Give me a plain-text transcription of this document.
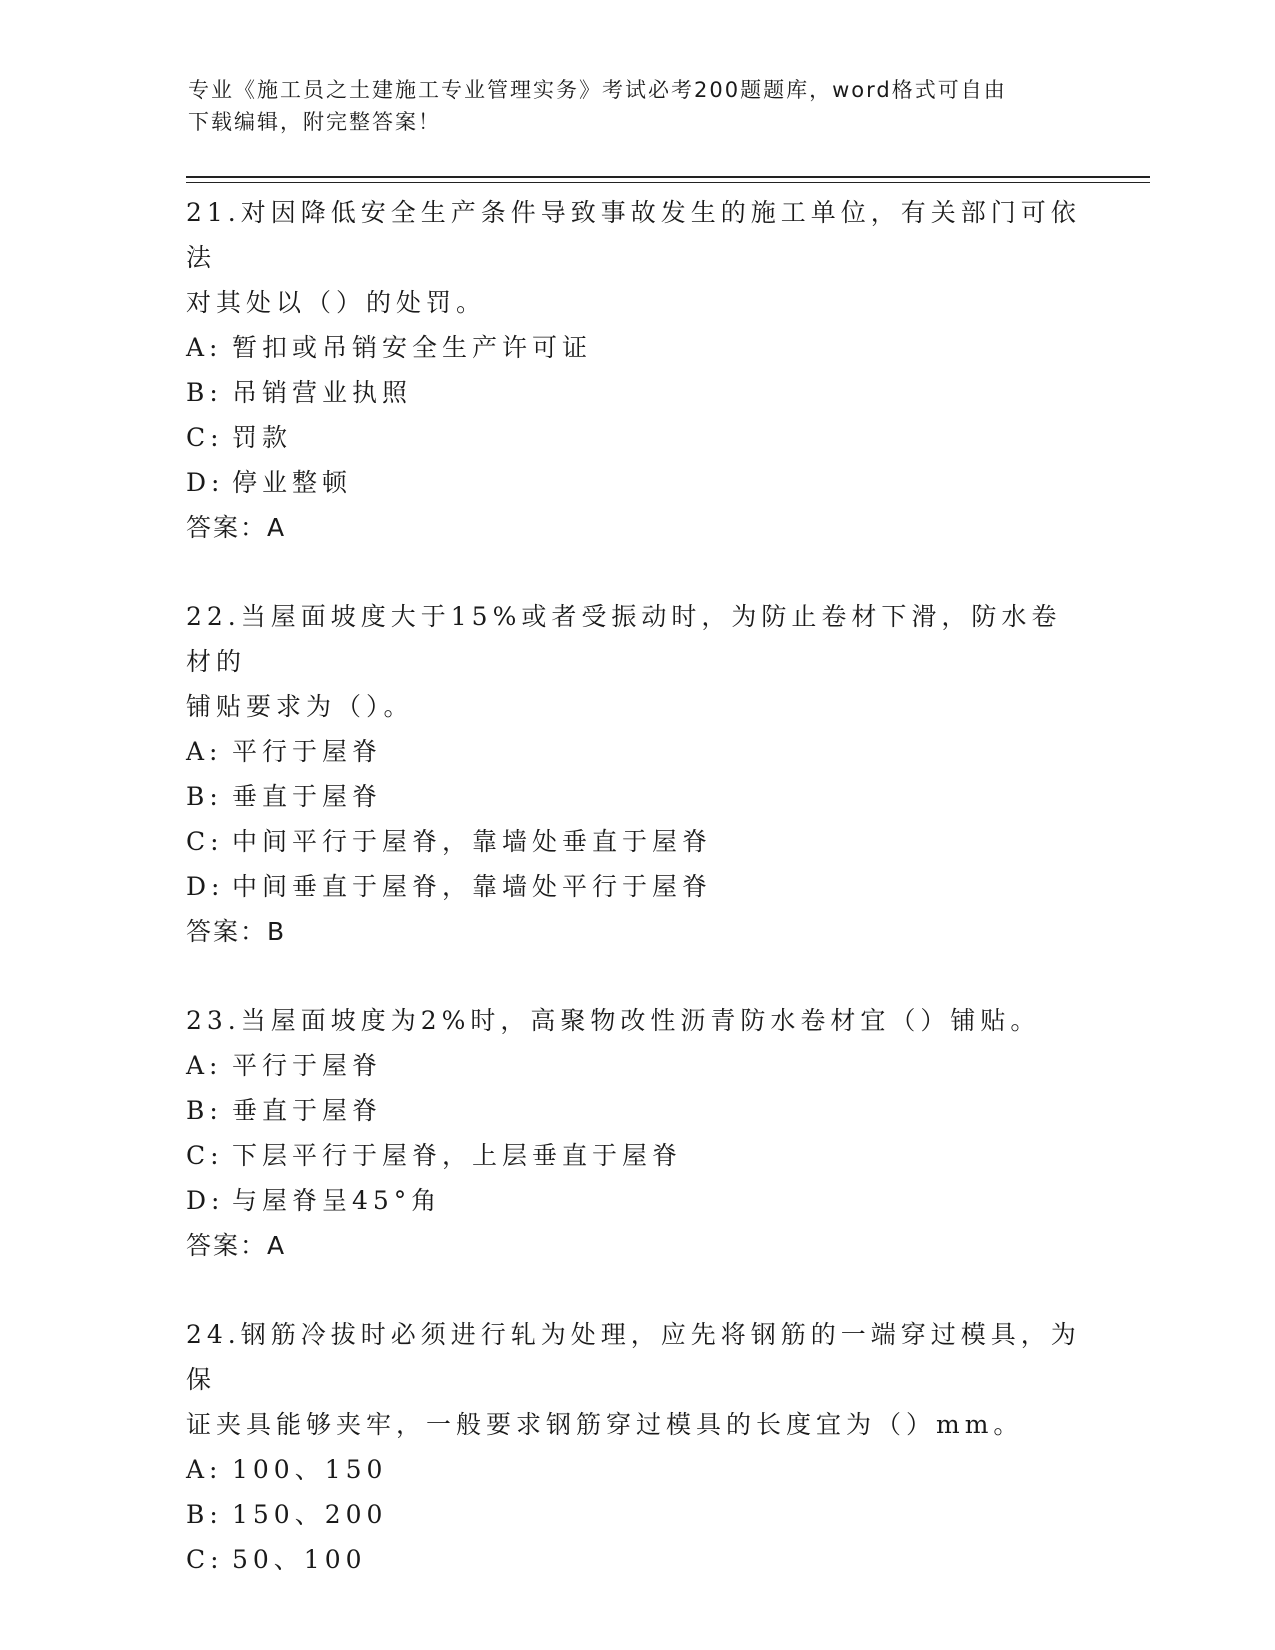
专业《施工员之土建施工专业管理实务》考试必考200题题库，word格式可自由
下载编辑，附完整答案！

21.对因降低安全生产条件导致事故发生的施工单位，有关部门可依法

对其处以（）的处罚。

A: 暂扣或吊销安全生产许可证

B: 吊销营业执照

C: 罚款

D: 停业整顿

答案：A

22.当屋面坡度大于15%或者受振动时，为防止卷材下滑，防水卷材的

铺贴要求为（）。

A: 平行于屋脊

B: 垂直于屋脊

C: 中间平行于屋脊，靠墙处垂直于屋脊

D: 中间垂直于屋脊，靠墙处平行于屋脊

答案：B

23.当屋面坡度为2%时，高聚物改性沥青防水卷材宜（）铺贴。

A: 平行于屋脊

B: 垂直于屋脊

C: 下层平行于屋脊，上层垂直于屋脊

D: 与屋脊呈45°角

答案：A

24.钢筋冷拔时必须进行轧为处理，应先将钢筋的一端穿过模具，为保

证夹具能够夹牢，一般要求钢筋穿过模具的长度宜为（）mm。

A: 100、150

B: 150、200

C: 50、100
